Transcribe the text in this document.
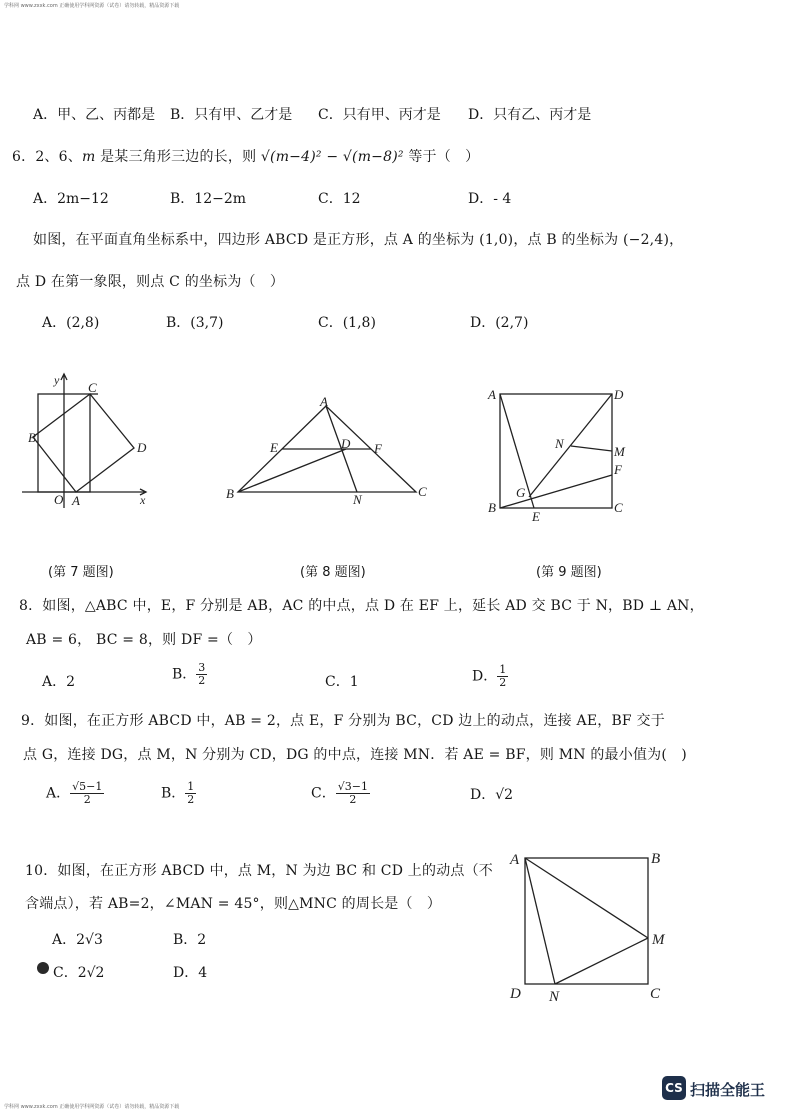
学科网 www.zxxk.com 正确使用学科网资源（试卷）请勿转载，精品资源下载
A．甲、乙、丙都是 B．只有甲、乙才是 C．只有甲、丙才是 D．只有乙、丙才是
6．2、6、m 是某三角形三边的长，则 √(m−4)² − √(m−8)² 等于（　）
A．2m−12	B．12−2m	C．12	D．- 4
如图，在平面直角坐标系中，四边形 ABCD 是正方形，点 A 的坐标为 (1,0)，点 B 的坐标为 (−2,4)，
点 D 在第一象限，则点 C 的坐标为（　）
A．(2,8)	B．(3,7)	C．(1,8)	D．(2,7)
y C
B
D
O A	x
A
E	D F
B	N
C
A	D
N
M
F
G
B
E
C
(第 7 题图)	(第 8 题图)	(第 9 题图)
8．如图，△ABC 中，E，F 分别是 AB，AC 的中点，点 D 在 EF 上，延长 AD 交 BC 于 N，BD ⊥ AN，
AB = 6， BC = 8，则 DF =（　）
A．2	B． $\frac{3}{2}$	C．1	D． $\frac{1}{2}$
9．如图，在正方形 ABCD 中，AB = 2，点 E，F 分别为 BC，CD 边上的动点，连接 AE，BF 交于
点 G，连接 DG，点 M，N 分别为 CD，DG 的中点，连接 MN．若 AE = BF，则 MN 的最小值为(　)
A． $\frac{√5-1}{2}$	B． $\frac{1}{2}$	C． $\frac{√3-1}{2}$	D．√2
10．如图，在正方形 ABCD 中，点 M，N 为边 BC 和 CD 上的动点（不
含端点），若 AB=2，∠MAN = 45°，则△MNC 的周长是（　）
A．2√3	B．2
C．2√2	D．4
A	B
M
D N	C
学科网 www.zxxk.com 正确使用学科网资源（试卷）请勿转载，精品资源下载
CS 扫描全能王
